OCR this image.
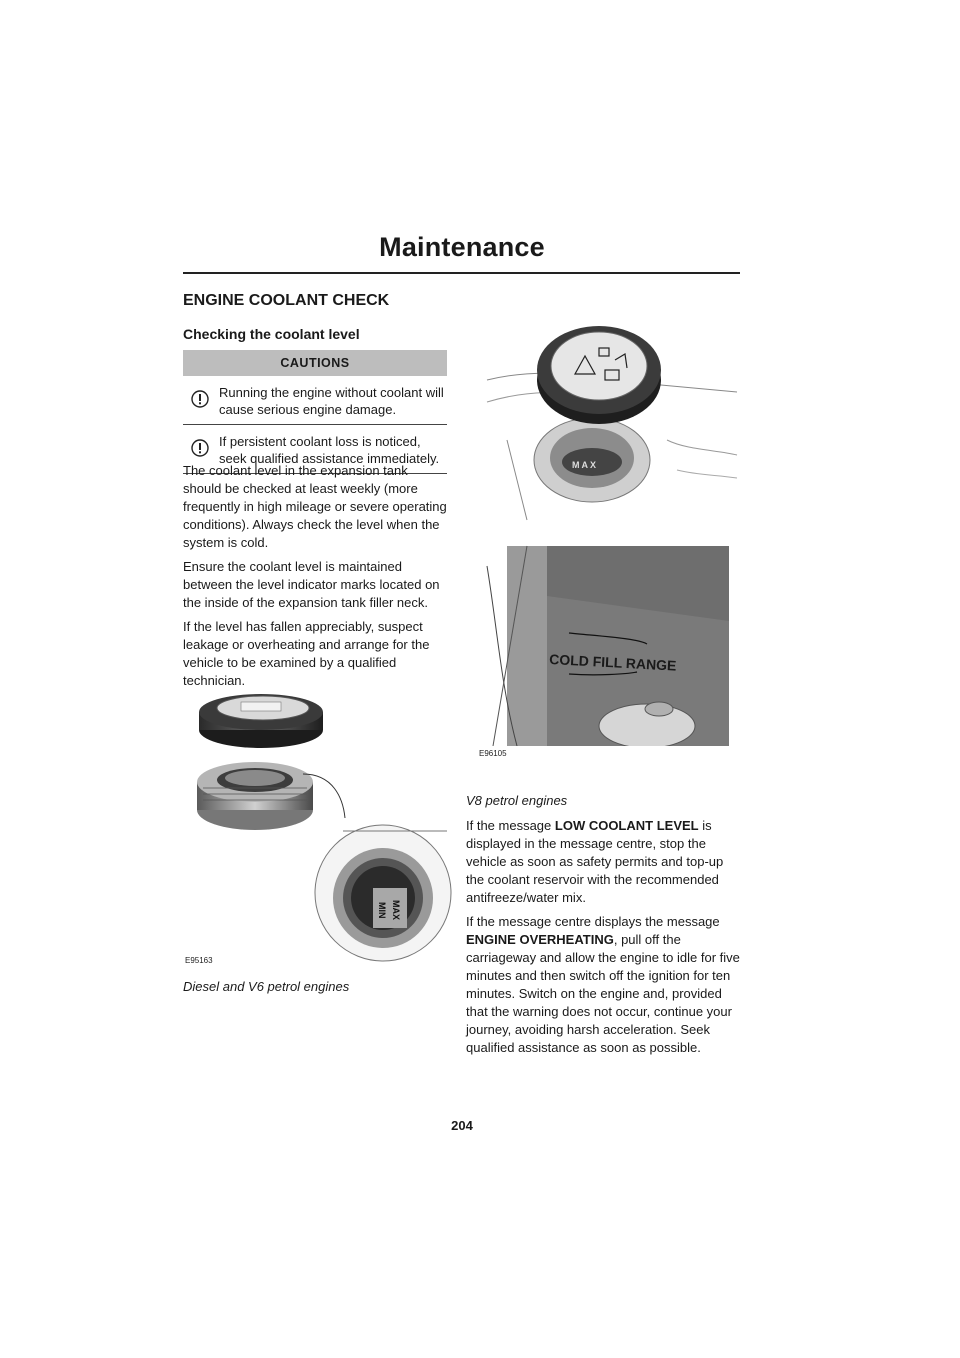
Maintenance
ENGINE COOLANT CHECK
Checking the coolant level
CAUTIONS
Running the engine without coolant will cause serious engine damage.
If persistent coolant loss is noticed, seek qualified assistance immediately.

The coolant level in the expansion tank should be checked at least weekly (more frequently in high mileage or severe operating conditions). Always check the level when the system is cold.

Ensure the coolant level is maintained between the level indicator marks located on the inside of the expansion tank filler neck.

If the level has fallen appreciably, suspect leakage or overheating and arrange for the vehicle to be examined by a qualified technician.

MAX
MIN
E95163
Diesel and V6 petrol engines
MAX
COLD FILL RANGE
E96105
V8 petrol engines

If the message LOW COOLANT LEVEL is displayed in the message centre, stop the vehicle as soon as safety permits and top-up the coolant reservoir with the recommended antifreeze/water mix.

If the message centre displays the message ENGINE OVERHEATING, pull off the carriageway and allow the engine to idle for five minutes and then switch off the ignition for ten minutes. Switch on the engine and, provided that the warning does not occur, continue your journey, avoiding harsh acceleration. Seek qualified assistance as soon as possible.

204
